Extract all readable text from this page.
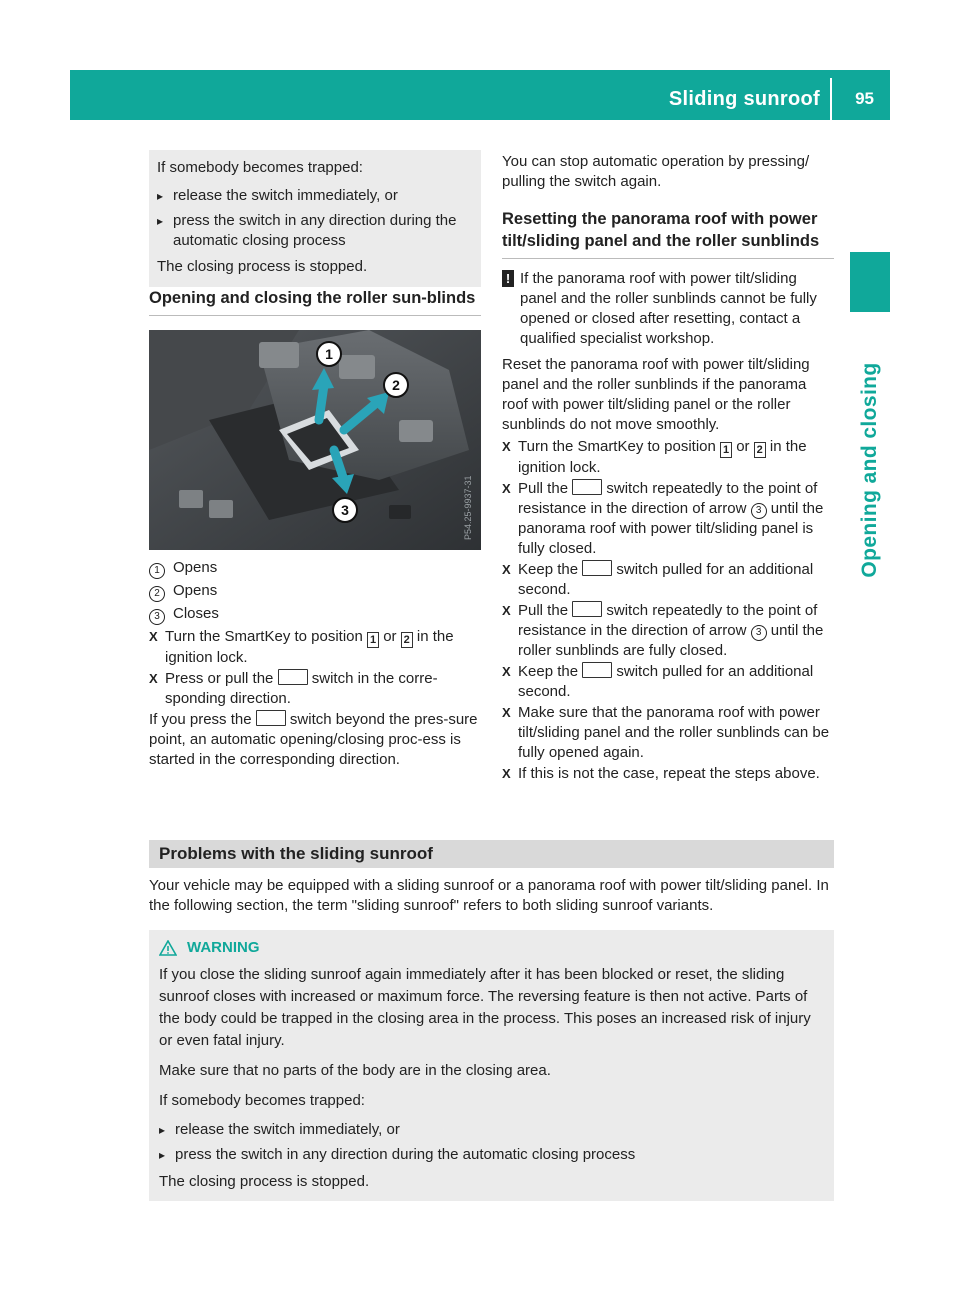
Sliding sunroof 95
Opening and closing

If somebody becomes trapped:

▸ release the switch immediately, or
▸ press the switch in any direction during the automatic closing process

The closing process is stopped.

Opening and closing the roller sun-blinds
1
2
3	P54.25-9937-31
1 Opens
2 Opens
3 Closes
X Turn the SmartKey to position 1 or 2 in the ignition lock.
X Press or pull the  switch in the corre-sponding direction.

If you press the  switch beyond the pres-sure point, an automatic opening/closing proc-ess is started in the corresponding direction.

You can stop automatic operation by pressing/ pulling the switch again.

Resetting the panorama roof with power tilt/sliding panel and the roller sunblinds
! If the panorama roof with power tilt/sliding panel and the roller sunblinds cannot be fully opened or closed after resetting, contact a qualified specialist workshop.

Reset the panorama roof with power tilt/sliding panel and the roller sunblinds if the panorama roof with power tilt/sliding panel or the roller sunblinds do not move smoothly.

X Turn the SmartKey to position 1 or 2 in the ignition lock.
X Pull the  switch repeatedly to the point of resistance in the direction of arrow 3 until the panorama roof with power tilt/sliding panel is fully closed.
X Keep the  switch pulled for an additional second.
X Pull the  switch repeatedly to the point of resistance in the direction of arrow 3 until the roller sunblinds are fully closed.
X Keep the  switch pulled for an additional second.
X Make sure that the panorama roof with power tilt/sliding panel and the roller sunblinds can be fully opened again.
X If this is not the case, repeat the steps above.
Problems with the sliding sunroof

Your vehicle may be equipped with a sliding sunroof or a panorama roof with power tilt/sliding panel. In the following section, the term "sliding sunroof" refers to both sliding sunroof variants.

WARNING

If you close the sliding sunroof again immediately after it has been blocked or reset, the sliding sunroof closes with increased or maximum force. The reversing feature is then not active. Parts of the body could be trapped in the closing area in the process. This poses an increased risk of injury or even fatal injury.

Make sure that no parts of the body are in the closing area.

If somebody becomes trapped:

▸ release the switch immediately, or
▸ press the switch in any direction during the automatic closing process

The closing process is stopped.
